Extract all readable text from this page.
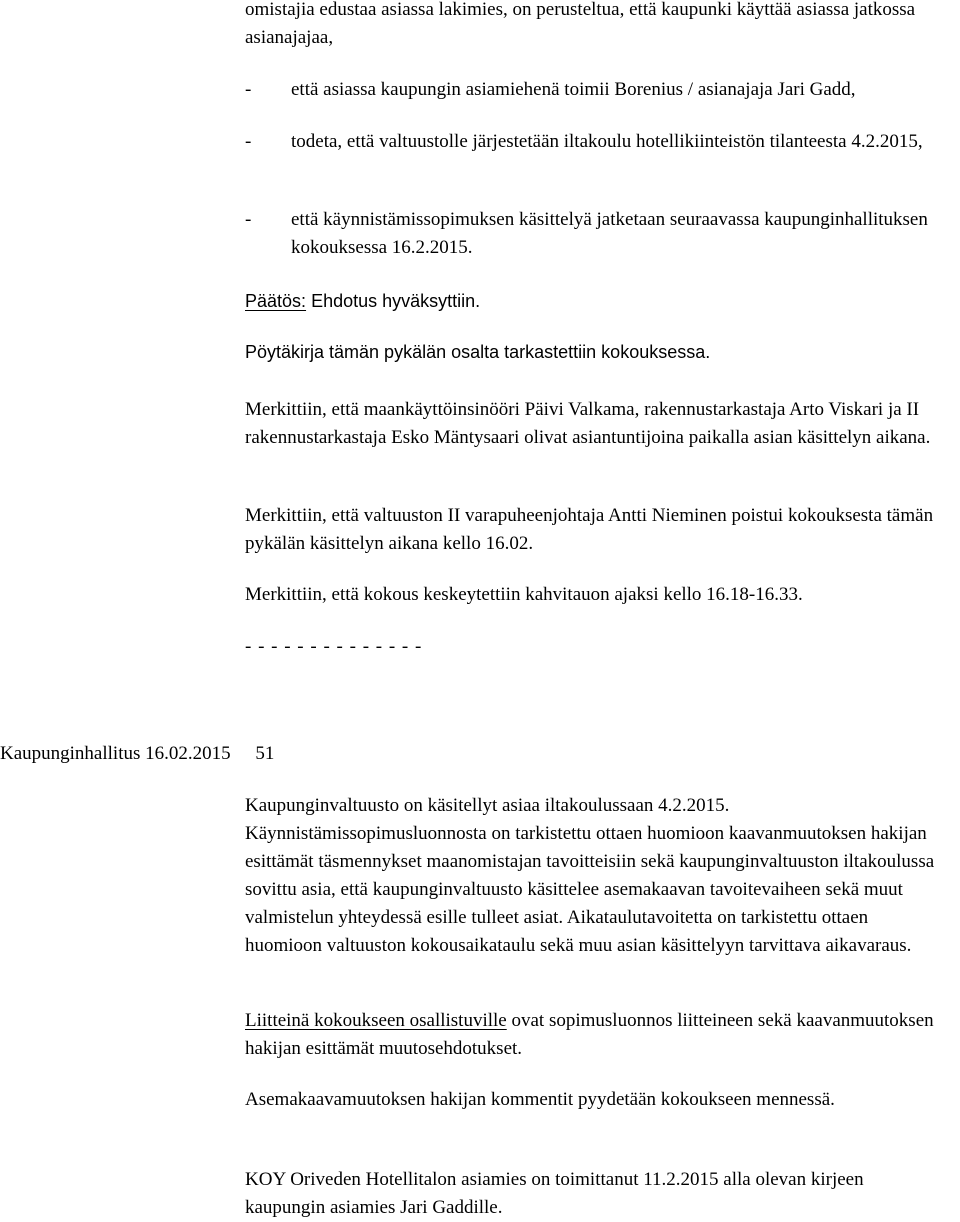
omistajia edustaa asiassa lakimies, on perusteltua, että kaupunki käyttää asiassa jatkossa asianajajaa,

- että asiassa kaupungin asiamiehenä toimii Borenius / asianajaja Jari Gadd,

- todeta, että valtuustolle järjestetään iltakoulu hotellikiinteistön tilanteesta 4.2.2015,

- että käynnistämissopimuksen käsittelyä jatketaan seuraavassa kaupunginhallituksen kokouksessa 16.2.2015.

Päätös: Ehdotus hyväksyttiin.

Pöytäkirja tämän pykälän osalta tarkastettiin kokouksessa.

Merkittiin, että maankäyttöinsinööri Päivi Valkama, rakennustarkastaja Arto Viskari ja II rakennustarkastaja Esko Mäntysaari olivat asiantuntijoina paikalla asian käsittelyn aikana.

Merkittiin, että valtuuston II varapuheenjohtaja Antti Nieminen poistui kokouksesta tämän pykälän käsittelyn aikana kello 16.02.

Merkittiin, että kokous keskeytettiin kahvitauon ajaksi kello 16.18-16.33.

- - - - - - - - - - - - - -
Kaupunginhallitus 16.02.2015 51

Kaupunginvaltuusto on käsitellyt asiaa iltakoulussaan 4.2.2015. Käynnistämissopimusluonnosta on tarkistettu ottaen huomioon kaavanmuutoksen hakijan esittämät täsmennykset maanomistajan tavoitteisiin sekä kaupunginvaltuuston iltakoulussa sovittu asia, että kaupunginvaltuusto käsittelee asemakaavan tavoitevaiheen sekä muut valmistelun yhteydessä esille tulleet asiat. Aikataulutavoitetta on tarkistettu ottaen huomioon valtuuston kokousaikataulu sekä muu asian käsittelyyn tarvittava aikavaraus.

Liitteinä kokoukseen osallistuville ovat sopimusluonnos liitteineen sekä kaavanmuutoksen hakijan esittämät muutosehdotukset.

Asemakaavamuutoksen hakijan kommentit pyydetään kokoukseen mennessä.

KOY Oriveden Hotellitalon asiamies on toimittanut 11.2.2015 alla olevan kirjeen kaupungin asiamies Jari Gaddille.
